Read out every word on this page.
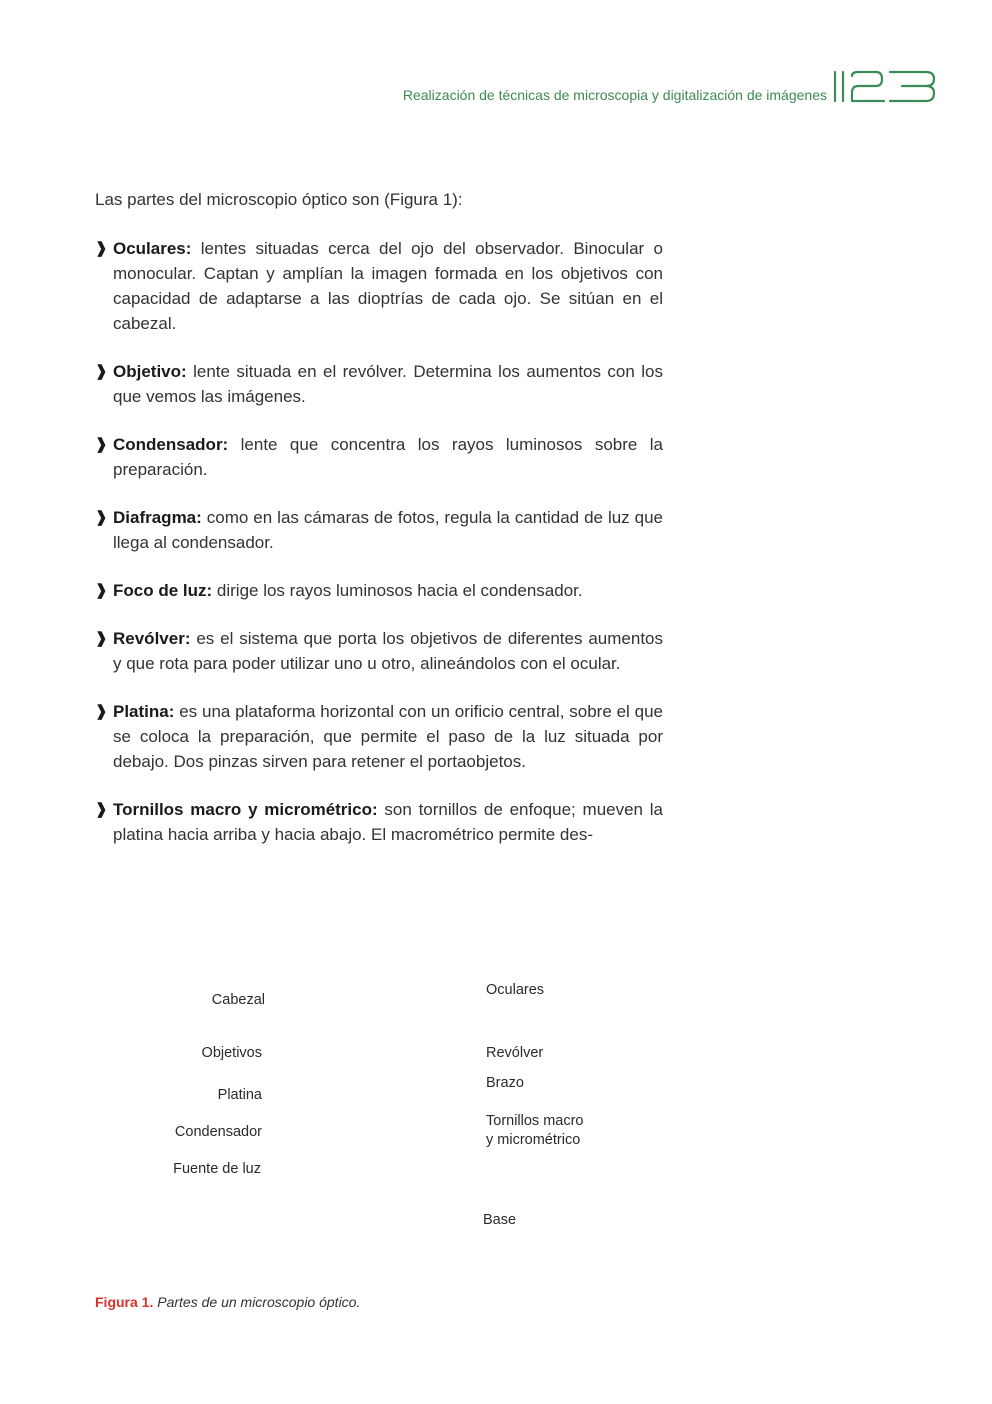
Realización de técnicas de microscopia y digitalización de imágenes
Las partes del microscopio óptico son (Figura 1):
❱ Oculares: lentes situadas cerca del ojo del observador. Binocular o monocular. Captan y amplían la imagen formada en los objetivos con capacidad de adaptarse a las dioptrías de cada ojo. Se sitúan en el cabezal.
❱ Objetivo: lente situada en el revólver. Determina los aumentos con los que vemos las imágenes.
❱ Condensador: lente que concentra los rayos luminosos sobre la preparación.
❱ Diafragma: como en las cámaras de fotos, regula la cantidad de luz que llega al condensador.
❱ Foco de luz: dirige los rayos luminosos hacia el condensador.
❱ Revólver: es el sistema que porta los objetivos de diferentes aumentos y que rota para poder utilizar uno u otro, alineándolos con el ocular.
❱ Platina: es una plataforma horizontal con un orificio central, sobre el que se coloca la preparación, que permite el paso de la luz situada por debajo. Dos pinzas sirven para retener el portaobjetos.
❱ Tornillos macro y micrométrico: son tornillos de enfoque; mueven la platina hacia arriba y hacia abajo. El macrométrico permite des-
Cabezal
Objetivos
Platina
Condensador
Fuente de luz
Oculares
Revólver
Brazo
Tornillos macro
y micrométrico
Base
Figura 1. Partes de un microscopio óptico.
